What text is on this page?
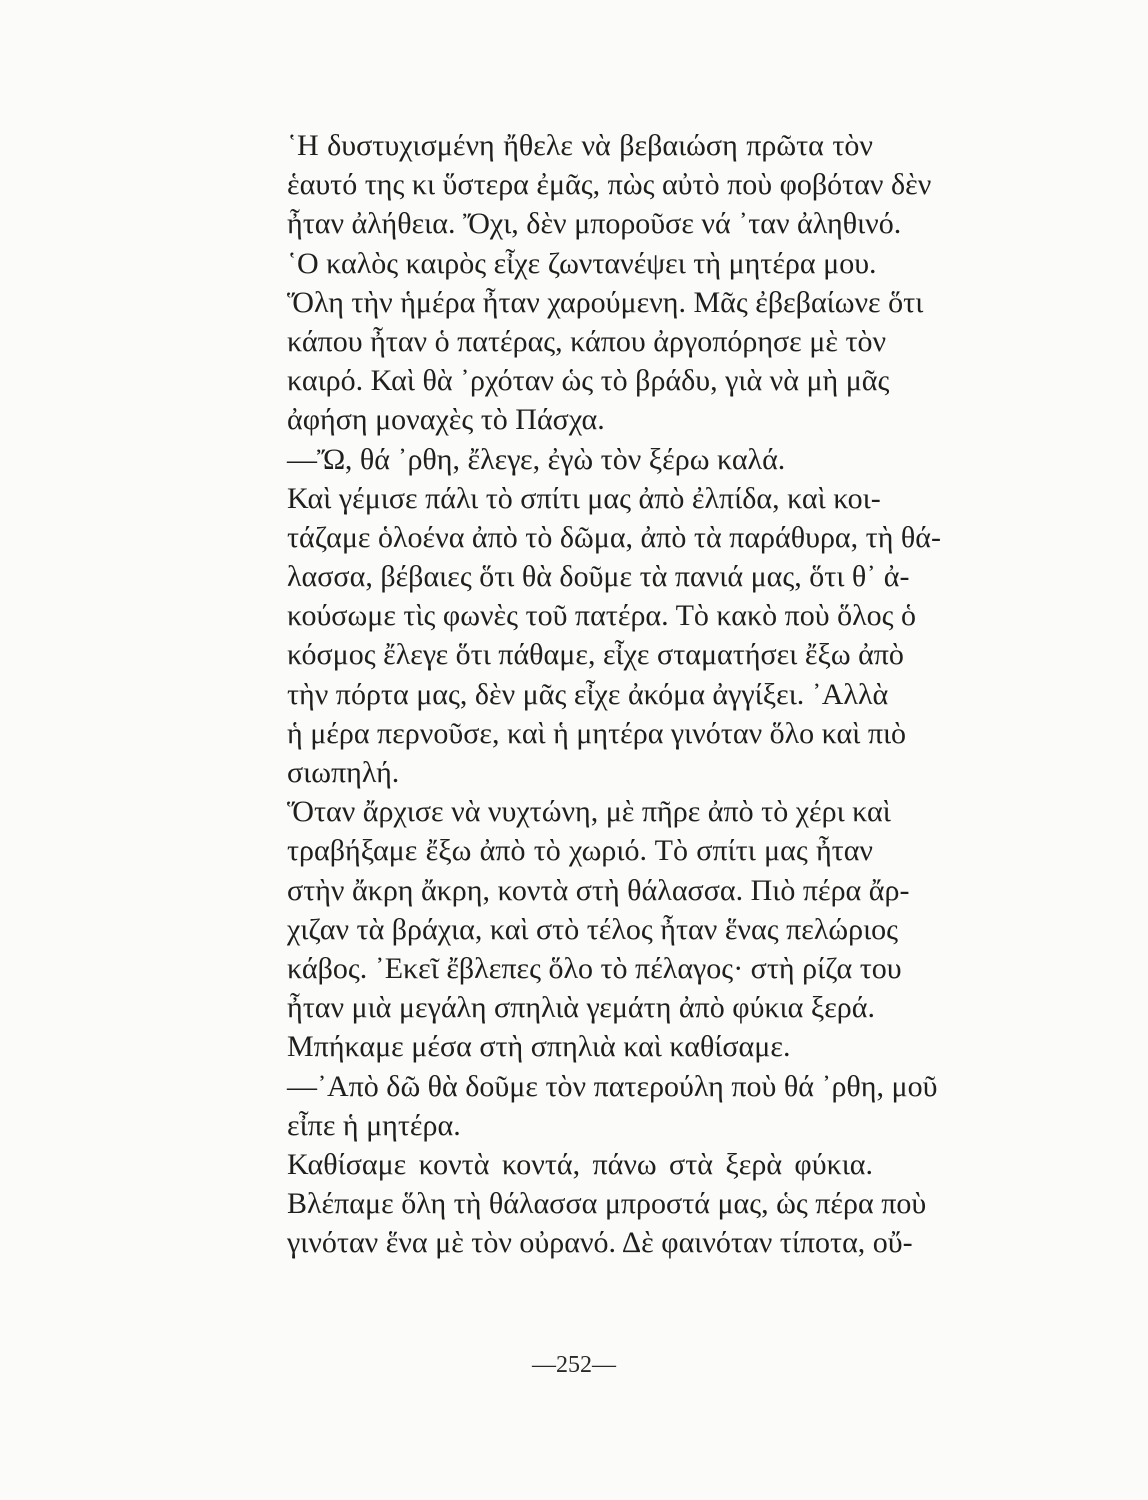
῾Η δυστυχισμένη ἤθελε νὰ βεβαιώση πρῶτα τὸν
ἑαυτό της κι ὕστερα ἐμᾶς, πὼς αὐτὸ ποὺ φοβόταν δὲν
ἦταν ἀλήθεια. Ὄχι, δὲν μποροῦσε νά ᾿ταν ἀληθινό.
῾Ο καλὸς καιρὸς εἶχε ζωντανέψει τὴ μητέρα μου.
Ὅλη τὴν ἡμέρα ἦταν χαρούμενη. Μᾶς ἐβεβαίωνε ὅτι
κάπου ἦταν ὁ πατέρας, κάπου ἀργοπόρησε μὲ τὸν
καιρό. Καὶ θὰ ᾿ρχόταν ὡς τὸ βράδυ, γιὰ νὰ μὴ μᾶς
ἀφήση μοναχὲς τὸ Πάσχα.
—Ὤ, θά ᾿ρθη, ἔλεγε, ἐγὼ τὸν ξέρω καλά.
Καὶ γέμισε πάλι τὸ σπίτι μας ἀπὸ ἐλπίδα, καὶ κοι-
τάζαμε ὁλοένα ἀπὸ τὸ δῶμα, ἀπὸ τὰ παράθυρα, τὴ θά-
λασσα, βέβαιες ὅτι θὰ δοῦμε τὰ πανιά μας, ὅτι θ᾿ ἀ-
κούσωμε τὶς φωνὲς τοῦ πατέρα. Τὸ κακὸ ποὺ ὅλος ὁ
κόσμος ἔλεγε ὅτι πάθαμε, εἶχε σταματήσει ἔξω ἀπὸ
τὴν πόρτα μας, δὲν μᾶς εἶχε ἀκόμα ἀγγίξει. ᾿Αλλὰ
ἡ μέρα περνοῦσε, καὶ ἡ μητέρα γινόταν ὅλο καὶ πιὸ
σιωπηλή.
Ὅταν ἄρχισε νὰ νυχτώνη, μὲ πῆρε ἀπὸ τὸ χέρι καὶ
τραβήξαμε ἔξω ἀπὸ τὸ χωριό. Τὸ σπίτι μας ἦταν
στὴν ἄκρη ἄκρη, κοντὰ στὴ θάλασσα. Πιὸ πέρα ἄρ-
χιζαν τὰ βράχια, καὶ στὸ τέλος ἦταν ἕνας πελώριος
κάβος. ᾿Εκεῖ ἔβλεπες ὅλο τὸ πέλαγος· στὴ ρίζα του
ἦταν μιὰ μεγάλη σπηλιὰ γεμάτη ἀπὸ φύκια ξερά.
Μπήκαμε μέσα στὴ σπηλιὰ καὶ καθίσαμε.
—᾿Απὸ δῶ θὰ δοῦμε τὸν πατερούλη ποὺ θά ᾿ρθη, μοῦ
εἶπε ἡ μητέρα.
Καθίσαμε κοντὰ κοντά, πάνω στὰ ξερὰ φύκια.
Βλέπαμε ὅλη τὴ θάλασσα μπροστά μας, ὡς πέρα ποὺ
γινόταν ἕνα μὲ τὸν οὐρανό. Δὲ φαινόταν τίποτα, οὔ-
—252—
